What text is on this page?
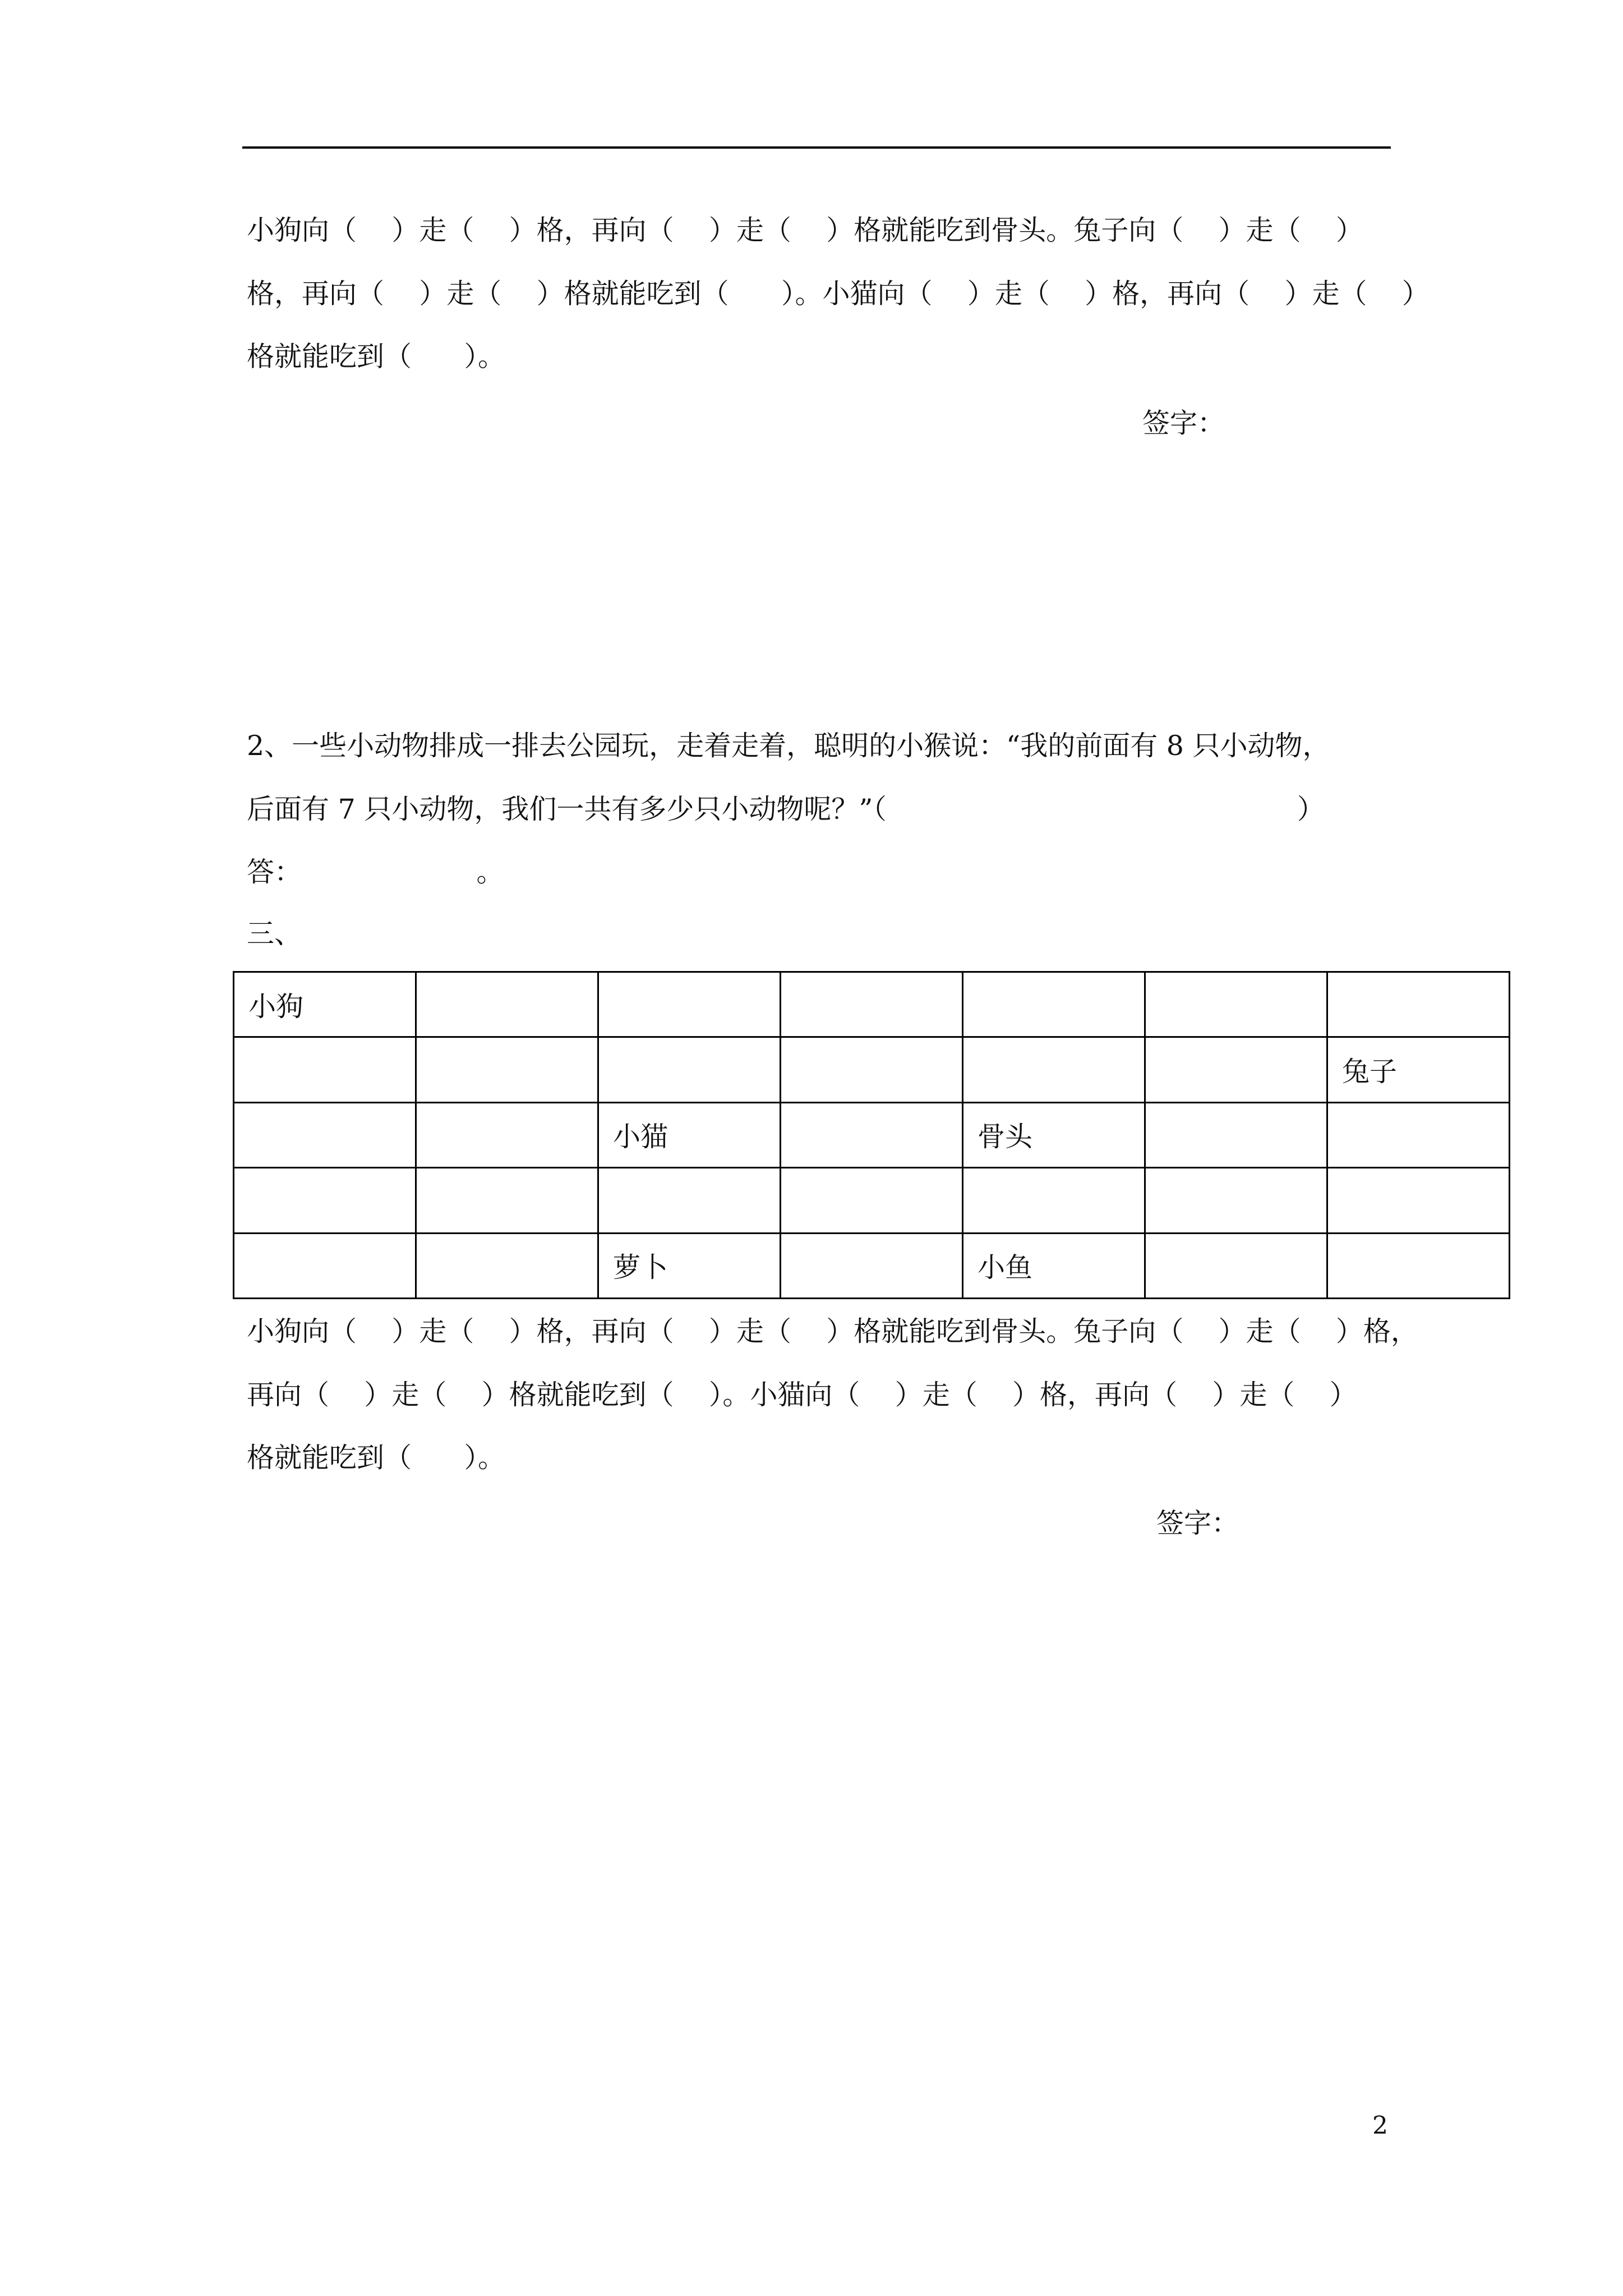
小狗向（    ）走（    ）格，再向（    ）走（    ）格就能吃到骨头。兔子向（    ）走（    ）
格，再向（    ）走（    ）格就能吃到（      ）。小猫向（    ）走（    ）格，再向（    ）走（    ）
格就能吃到（      ）。
签字：
2、一些小动物排成一排去公园玩，走着走着，聪明的小猴说：“我的前面有 8 只小动物，
后面有 7 只小动物，我们一共有多少只小动物呢？”（                                               ）
答：                    。
三、
小狗						
						兔子
		小猫		骨头		

		萝卜		小鱼		
小狗向（    ）走（    ）格，再向（    ）走（    ）格就能吃到骨头。兔子向（    ）走（    ）格，
再向（    ）走（    ）格就能吃到（    ）。小猫向（    ）走（    ）格，再向（    ）走（    ）
格就能吃到（      ）。
签字：
2
